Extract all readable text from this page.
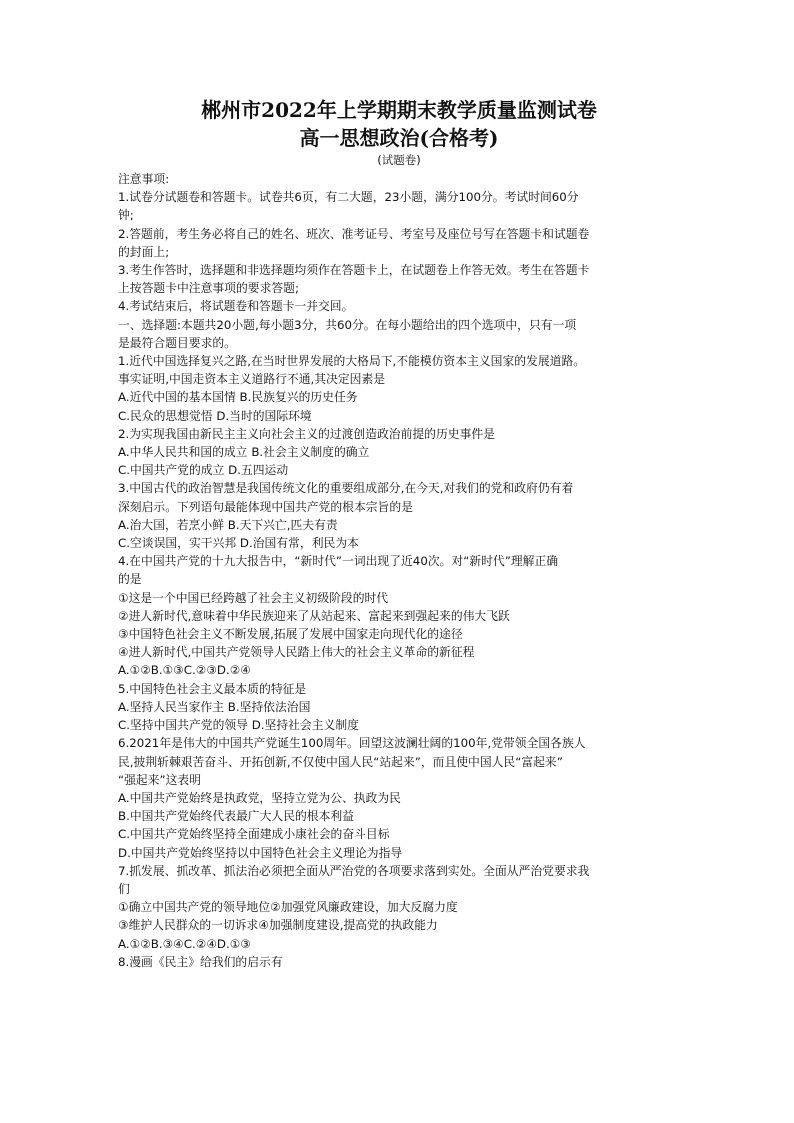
郴州市2022年上学期期末教学质量监测试卷
高一思想政治(合格考)
(试题卷)
注意事项:
1.试卷分试题卷和答题卡。试卷共6页，有二大题，23小题，满分100分。考试时间60分
钟;
2.答题前，考生务必将自己的姓名、班次、准考证号、考室号及座位号写在答题卡和试题卷
的封面上;
3.考生作答时，选择题和非选择题均须作在答题卡上，在试题卷上作答无效。考生在答题卡
上按答题卡中注意事项的要求答题;
4.考试结束后，将试题卷和答题卡一并交回。
一、选择题:本题共20小题,每小题3分，共60分。在每小题给出的四个选项中，只有一项
是最符合题目要求的。
1.近代中国选择复兴之路,在当时世界发展的大格局下,不能模仿资本主义国家的发展道路。
事实证明,中国走资本主义道路行不通,其决定因素是
A.近代中国的基本国情 B.民族复兴的历史任务
C.民众的思想觉悟 D.当时的国际环境
2.为实现我国由新民主主义向社会主义的过渡创造政治前提的历史事件是
A.中华人民共和国的成立 B.社会主义制度的确立
C.中国共产党的成立 D.五四运动
3.中国古代的政治智慧是我国传统文化的重要组成部分,在今天,对我们的党和政府仍有着
深刻启示。下列语句最能体现中国共产党的根本宗旨的是
A.治大国，若烹小鲜 B.天下兴亡,匹夫有责
C.空谈误国，实干兴邦 D.治国有常，利民为本
4.在中国共产党的十九大报告中，“新时代”一词出现了近40次。对“新时代”理解正确
的是
①这是一个中国已经跨越了社会主义初级阶段的时代
②进人新时代,意味着中华民族迎来了从站起来、富起来到强起来的伟大飞跃
③中国特色社会主义不断发展,拓展了发展中国家走向现代化的途径
④进人新时代,中国共产党领导人民踏上伟大的社会主义革命的新征程
A.①②B.①③C.②③D.②④
5.中国特色社会主义最本质的特征是
A.坚持人民当家作主 B.坚持依法治国
C.坚持中国共产党的领导 D.坚持社会主义制度
6.2021年是伟大的中国共产党诞生100周年。回望这波澜壮阔的100年,党带领全国各族人
民,披荆斩棘艰苦奋斗、开拓创新,不仅使中国人民“站起来”，而且使中国人民“富起来”
“强起来”这表明
A.中国共产党始终是执政党，坚持立党为公、执政为民
B.中国共产党始终代表最广大人民的根本利益
C.中国共产党始终坚持全面建成小康社会的奋斗目标
D.中国共产党始终坚持以中国特色社会主义理论为指导
7.抓发展、抓改革、抓法治必须把全面从严治党的各项要求落到实处。全面从严治党要求我
们
①确立中国共产党的领导地位②加强党风廉政建设，加大反腐力度
③维护人民群众的一切诉求④加强制度建设,提高党的执政能力
A.①②B.③④C.②④D.①③
8.漫画《民主》给我们的启示有
